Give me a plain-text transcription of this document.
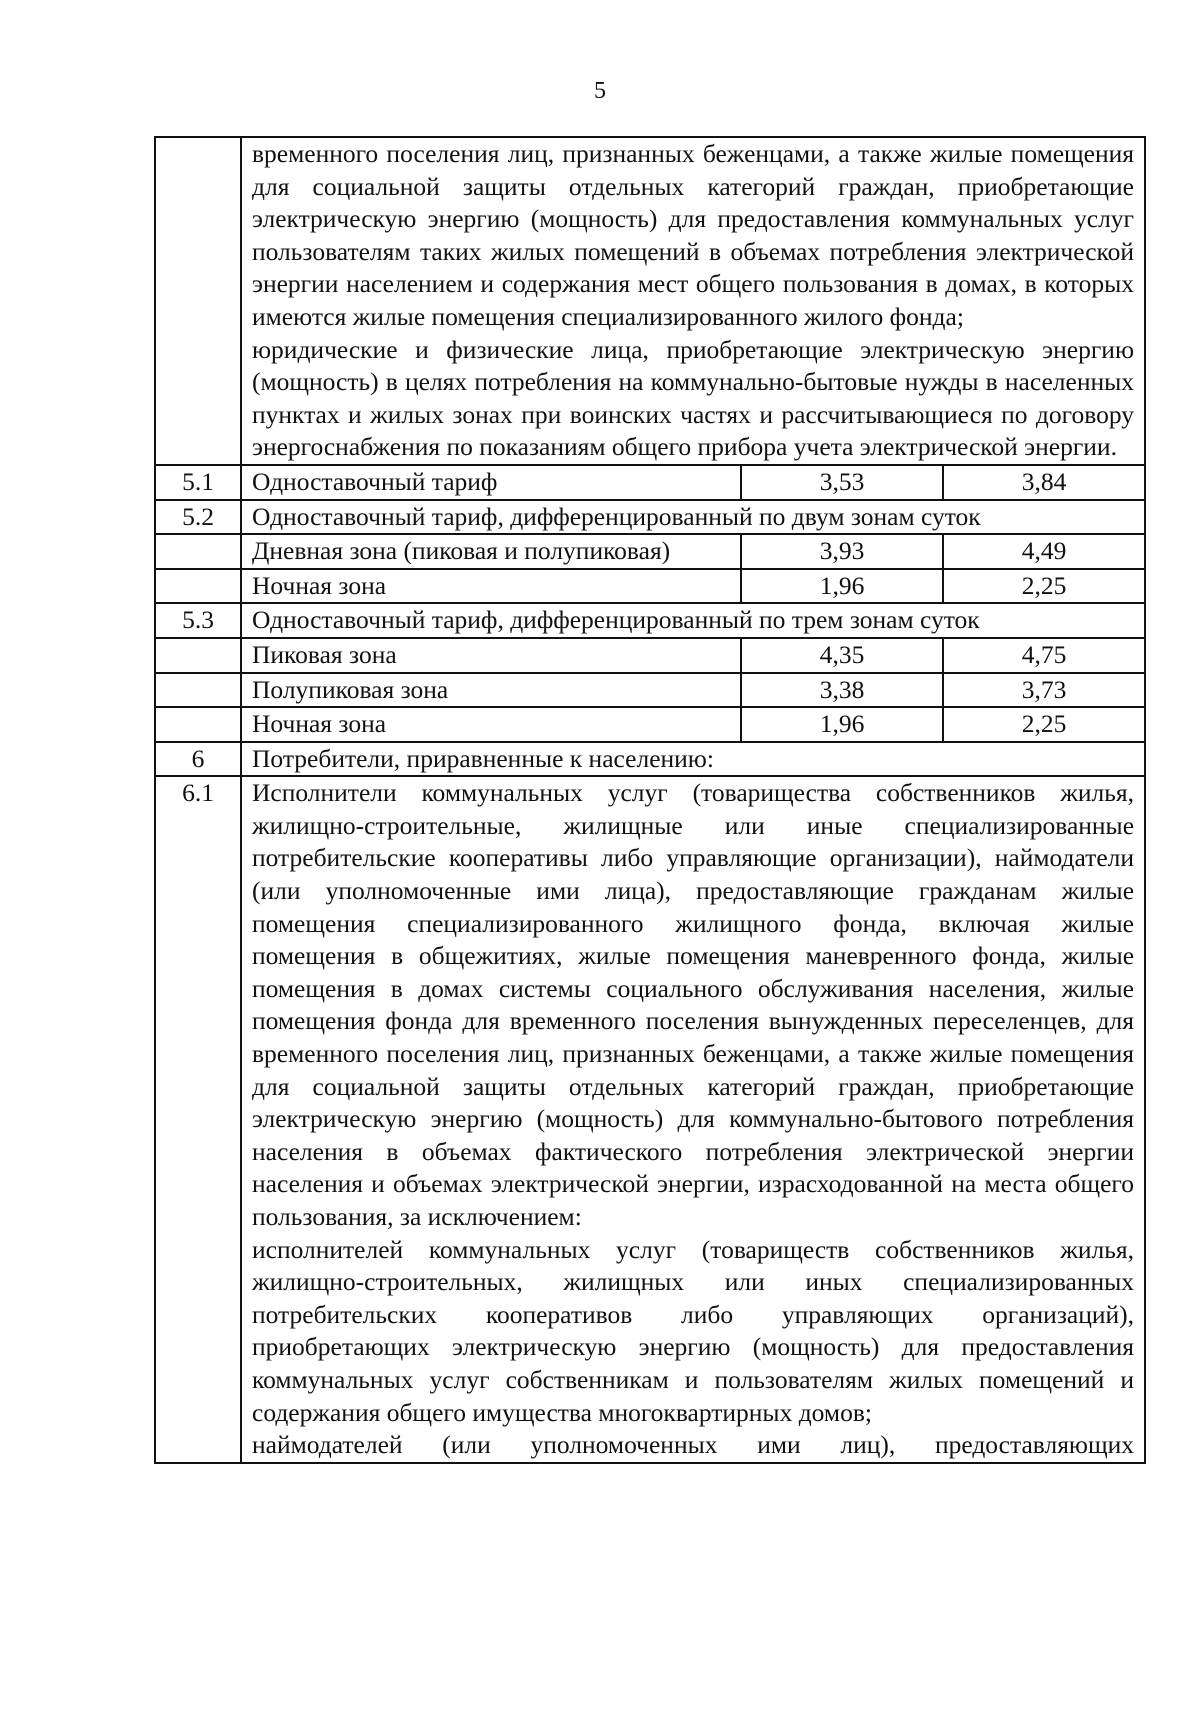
5

	временного поселения лиц, признанных беженцами, а также жилые помещения для социальной защиты отдельных категорий граждан, приобретающие электрическую энергию (мощность) для предоставления коммунальных услуг пользователям таких жилых помещений в объемах потребления электрической энергии населением и содержания мест общего пользования в домах, в которых имеются жилые помещения специализированного жилого фонда;

юридические и физические лица, приобретающие электрическую энергию (мощность) в целях потребления на коммунально-бытовые нужды в населенных пунктах и жилых зонах при воинских частях и рассчитывающиеся по договору энергоснабжения по показаниям общего прибора учета электрической энергии.		

5.1	Одноставочный тариф	3,53	3,84
5.2	Одноставочный тариф, дифференцированный по двум зонам суток		
	Дневная зона (пиковая и полупиковая)	3,93	4,49
	Ночная зона	1,96	2,25
5.3	Одноставочный тариф, дифференцированный по трем зонам суток		
	Пиковая зона	4,35	4,75
	Полупиковая зона	3,38	3,73
	Ночная зона	1,96	2,25
6	Потребители, приравненные к населению:		
6.1	Исполнители коммунальных услуг (товарищества собственников жилья, жилищно-строительные, жилищные или иные специализированные потребительские кооперативы либо управляющие организации), наймодатели (или уполномоченные ими лица), предоставляющие гражданам жилые помещения специализированного жилищного фонда, включая жилые помещения в общежитиях, жилые помещения маневренного фонда, жилые помещения в домах системы социального обслуживания населения, жилые помещения фонда для временного поселения вынужденных переселенцев, для временного поселения лиц, признанных беженцами, а также жилые помещения для социальной защиты отдельных категорий граждан, приобретающие электрическую энергию (мощность) для коммунально-бытового потребления населения в объемах фактического потребления электрической энергии населения и объемах электрической энергии, израсходованной на места общего пользования, за исключением:

исполнителей коммунальных услуг (товариществ собственников жилья, жилищно-строительных, жилищных или иных специализированных потребительских кооперативов либо управляющих организаций), приобретающих электрическую энергию (мощность) для предоставления коммунальных услуг собственникам и пользователям жилых помещений и содержания общего имущества многоквартирных домов;

наймодателей (или уполномоченных ими лиц), предоставляющих		
